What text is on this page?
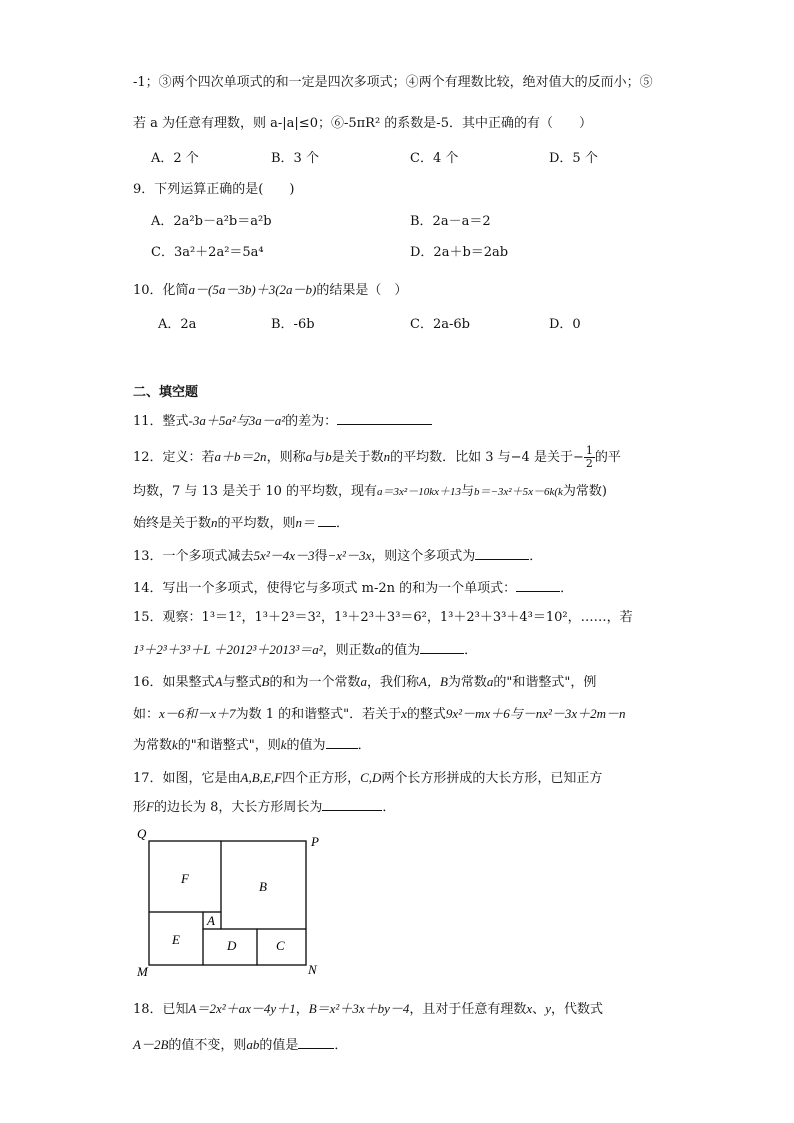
-1；③两个四次单项式的和一定是四次多项式；④两个有理数比较，绝对值大的反而小；⑤
若 a 为任意有理数，则 a-|a|≤0；⑥-5πR² 的系数是-5．其中正确的有（　　）
A．2 个	B．3 个	C．4 个	D．5 个
9．下列运算正确的是(　　)
A．2a²b－a²b＝a²b	B．2a－a＝2
C．3a²＋2a²＝5a⁴	D．2a＋b＝2ab
10．化简a－(5a－3b)＋3(2a－b)的结果是（　）
A．2a	B．-6b	C．2a-6b	D．0
二、填空题
11．整式-3a＋5a²与3a－a²的差为：
12．定义：若a＋b＝2n，则称a与b是关于数n的平均数．比如 3 与−4 是关于− $\frac{1}{2}$ 的平
均数，7 与 13 是关于 10 的平均数，现有a＝3x²－10kx＋13与b＝−3x²＋5x－6k(k为常数)
始终是关于数n的平均数，则n＝ ．
13．一个多项式减去5x²－4x－3得−x²－3x，则这个多项式为	．
14．写出一个多项式，使得它与多项式 m-2n 的和为一个单项式：	．
15．观察：1³＝1²，1³＋2³＝3²，1³＋2³＋3³＝6²，1³＋2³＋3³＋4³＝10²，……，若
1³＋2³＋3³＋L ＋2012³＋2013³＝a²，则正数a的值为	．
16．如果整式A与整式B的和为一个常数a，我们称A，B为常数a的"和谐整式"，例
如：x－6和－x＋7为数 1 的和谐整式"．若关于x的整式9x²－mx＋6与－nx²－3x＋2m－n
为常数k的"和谐整式"，则k的值为 ．
17．如图，它是由A,B,E,F四个正方形，C,D两个长方形拼成的大长方形，已知正方
形F的边长为 8，大长方形周长为	．
Q
P
M	N
F
B
E
A
D	C
18．已知A＝2x²＋ax－4y＋1，B＝x²＋3x＋by－4，且对于任意有理数x、y，代数式
A－2B的值不变，则ab的值是	．
